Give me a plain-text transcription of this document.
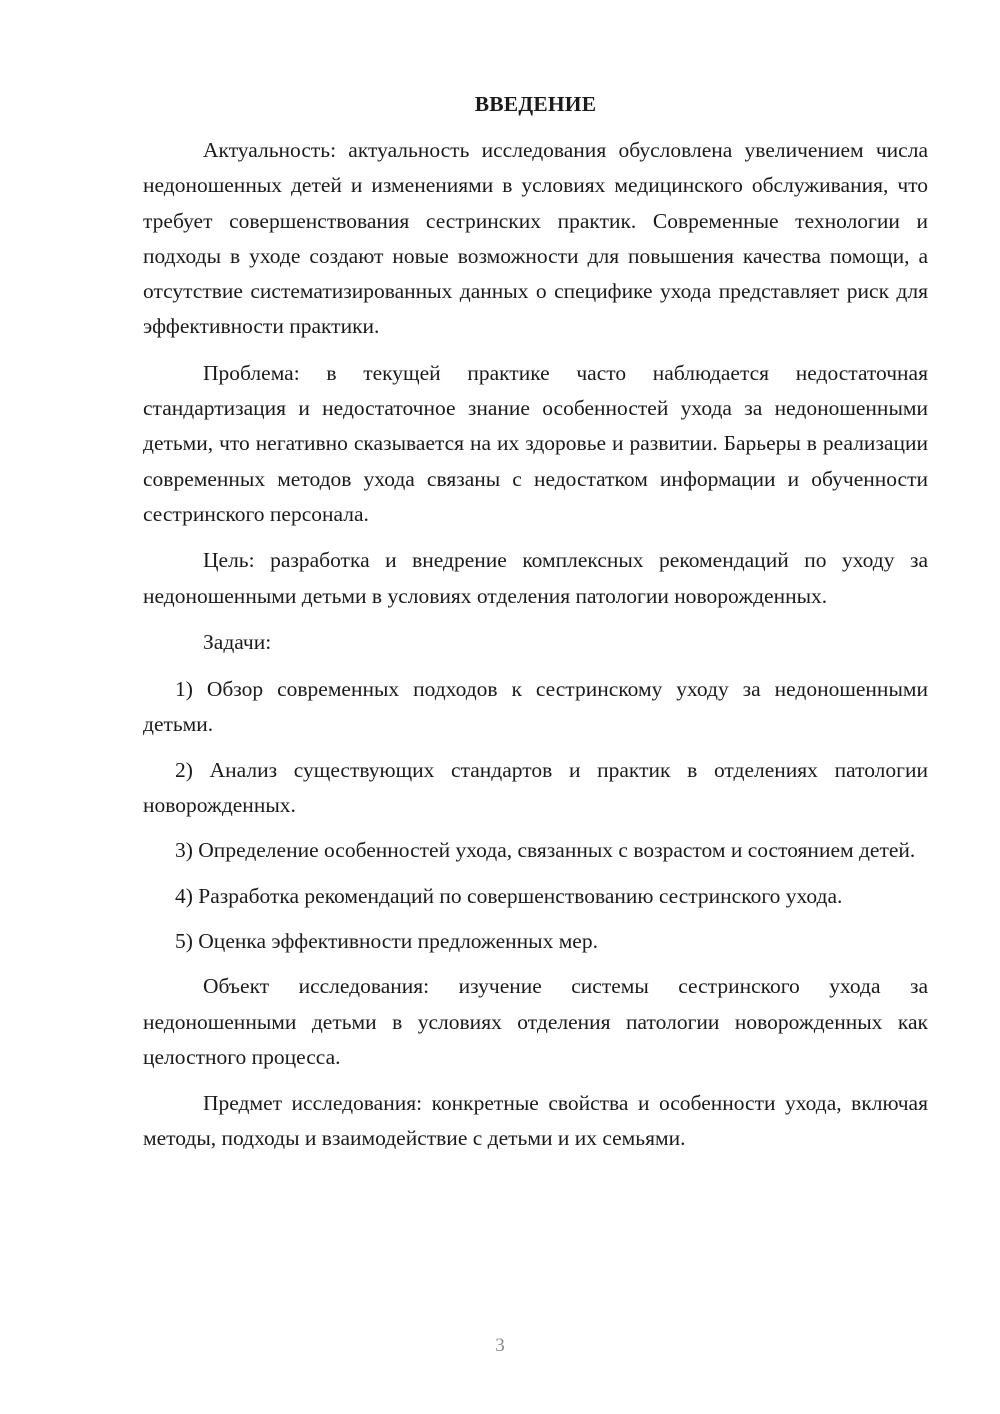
ВВЕДЕНИЕ

Актуальность: актуальность исследования обусловлена увеличением числа недоношенных детей и изменениями в условиях медицинского обслуживания, что требует совершенствования сестринских практик. Современные технологии и подходы в уходе создают новые возможности для повышения качества помощи, а отсутствие систематизированных данных о специфике ухода представляет риск для эффективности практики.

Проблема: в текущей практике часто наблюдается недостаточная стандартизация и недостаточное знание особенностей ухода за недоношенными детьми, что негативно сказывается на их здоровье и развитии. Барьеры в реализации современных методов ухода связаны с недостатком информации и обученности сестринского персонала.

Цель: разработка и внедрение комплексных рекомендаций по уходу за недоношенными детьми в условиях отделения патологии новорожденных.

Задачи:

1) Обзор современных подходов к сестринскому уходу за недоношенными детьми.

2) Анализ существующих стандартов и практик в отделениях патологии новорожденных.

3) Определение особенностей ухода, связанных с возрастом и состоянием детей.

4) Разработка рекомендаций по совершенствованию сестринского ухода.

5) Оценка эффективности предложенных мер.

Объект исследования: изучение системы сестринского ухода за недоношенными детьми в условиях отделения патологии новорожденных как целостного процесса.

Предмет исследования: конкретные свойства и особенности ухода, включая методы, подходы и взаимодействие с детьми и их семьями.

3
